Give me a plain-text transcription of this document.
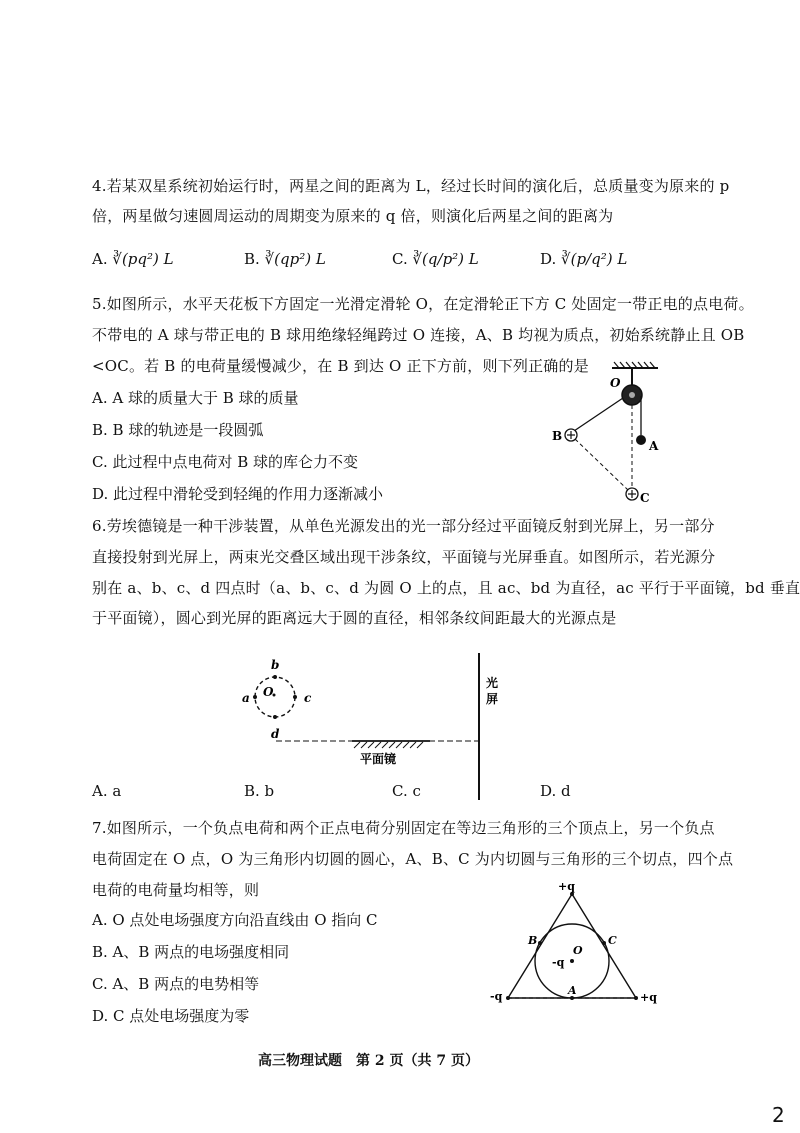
4.若某双星系统初始运行时，两星之间的距离为 L，经过长时间的演化后，总质量变为原来的 p
倍，两星做匀速圆周运动的周期变为原来的 q 倍，则演化后两星之间的距离为
A. ∛(pq²) L	B. ∛(qp²) L	C. ∛(q/p²) L	D. ∛(p/q²) L
5.如图所示，水平天花板下方固定一光滑定滑轮 O，在定滑轮正下方 C 处固定一带正电的点电荷。
不带电的 A 球与带正电的 B 球用绝缘轻绳跨过 O 连接，A、B 均视为质点，初始系统静止且 OB
<OC。若 B 的电荷量缓慢减少，在 B 到达 O 正下方前，则下列正确的是
A. A 球的质量大于 B 球的质量
B. B 球的轨迹是一段圆弧
C. 此过程中点电荷对 B 球的库仑力不变
D. 此过程中滑轮受到轻绳的作用力逐渐减小
O
A
B
C
6.劳埃德镜是一种干涉装置，从单色光源发出的光一部分经过平面镜反射到光屏上，另一部分
直接投射到光屏上，两束光交叠区域出现干涉条纹，平面镜与光屏垂直。如图所示，若光源分
别在 a、b、c、d 四点时（a、b、c、d 为圆 O 上的点，且 ac、bd 为直径，ac 平行于平面镜，bd 垂直
于平面镜），圆心到光屏的距离远大于圆的直径，相邻条纹间距最大的光源点是
b
a	c
O
d
平面镜
光
屏
A. a	B. b	C. c	D. d
7.如图所示，一个负点电荷和两个正点电荷分别固定在等边三角形的三个顶点上，另一个负点
电荷固定在 O 点，O 为三角形内切圆的圆心，A、B、C 为内切圆与三角形的三个切点，四个点
电荷的电荷量均相等，则
A. O 点处电场强度方向沿直线由 O 指向 C
B. A、B 两点的电场强度相同
C. A、B 两点的电势相等
D. C 点处电场强度为零
+q
-q	+q
-q
O
A
B	C
高三物理试题　第 2 页（共 7 页）
2
